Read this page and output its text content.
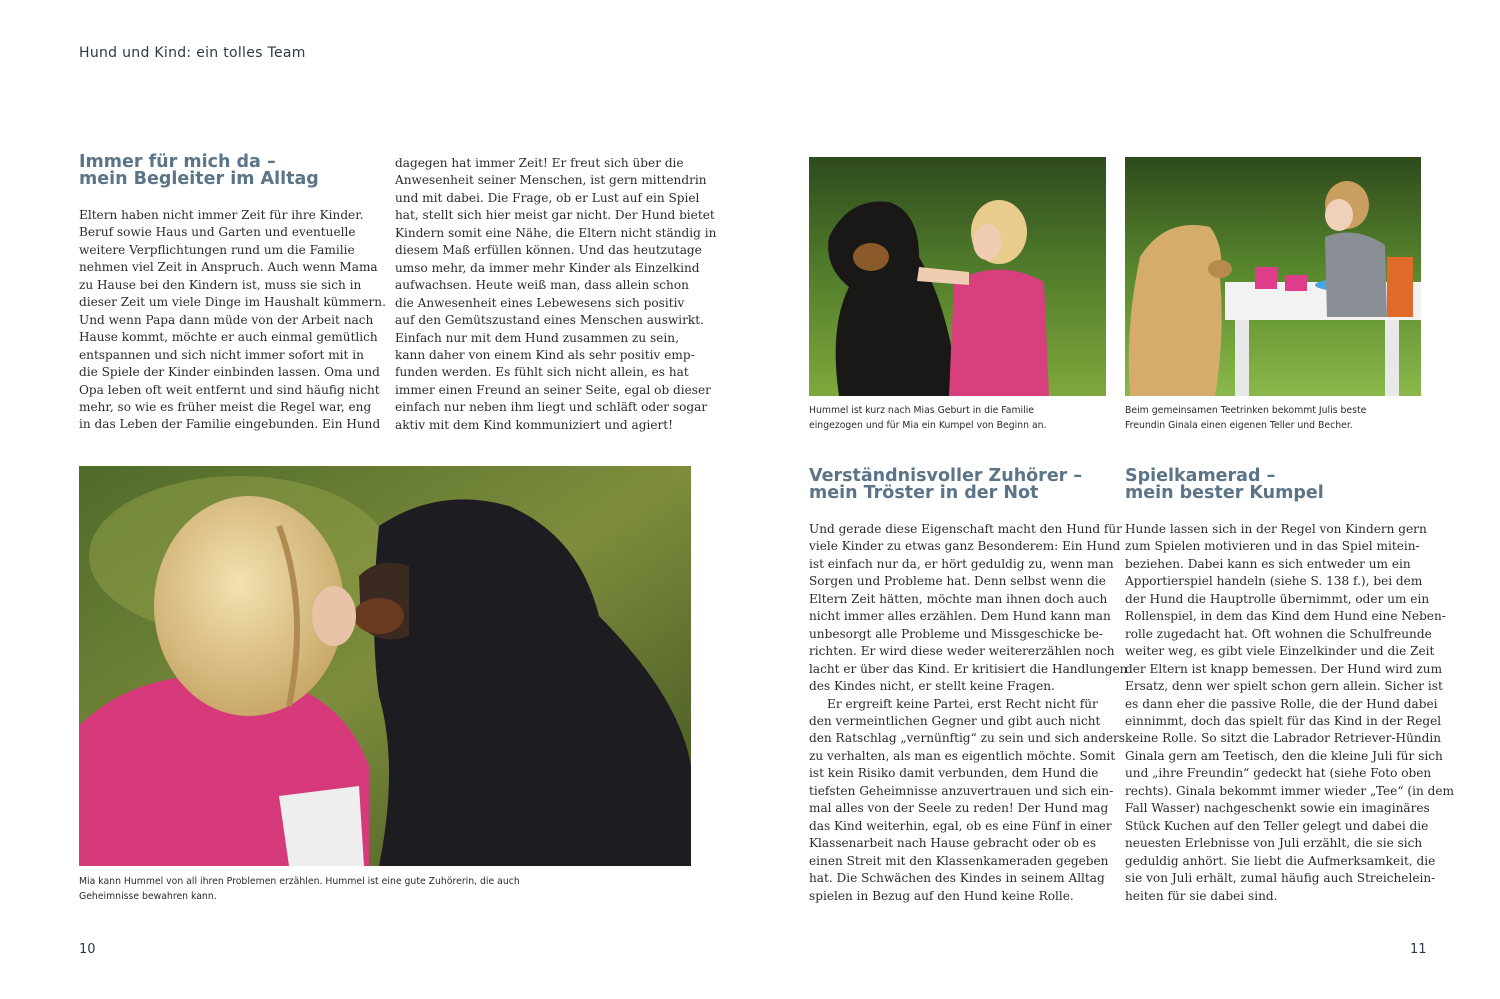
Hund und Kind: ein tolles Team
Immer für mich da –
mein Begleiter im Alltag
Eltern haben nicht immer Zeit für ihre Kinder.
Beruf sowie Haus und Garten und eventuelle
weitere Verpflichtungen rund um die Familie
nehmen viel Zeit in Anspruch. Auch wenn Mama
zu Hause bei den Kindern ist, muss sie sich in
dieser Zeit um viele Dinge im Haushalt kümmern.
Und wenn Papa dann müde von der Arbeit nach
Hause kommt, möchte er auch einmal gemütlich
entspannen und sich nicht immer sofort mit in
die Spiele der Kinder einbinden lassen. Oma und
Opa leben oft weit entfernt und sind häufig nicht
mehr, so wie es früher meist die Regel war, eng
in das Leben der Familie eingebunden. Ein Hund
dagegen hat immer Zeit! Er freut sich über die
Anwesenheit seiner Menschen, ist gern mittendrin
und mit dabei. Die Frage, ob er Lust auf ein Spiel
hat, stellt sich hier meist gar nicht. Der Hund bietet
Kindern somit eine Nähe, die Eltern nicht ständig in
diesem Maß erfüllen können. Und das heutzutage
umso mehr, da immer mehr Kinder als Einzelkind
aufwachsen. Heute weiß man, dass allein schon
die Anwesenheit eines Lebewesens sich positiv
auf den Gemütszustand eines Menschen auswirkt.
Einfach nur mit dem Hund zusammen zu sein,
kann daher von einem Kind als sehr positiv emp-
funden werden. Es fühlt sich nicht allein, es hat
immer einen Freund an seiner Seite, egal ob dieser
einfach nur neben ihm liegt und schläft oder sogar
aktiv mit dem Kind kommuniziert und agiert!
Mia kann Hummel von all ihren Problemen erzählen. Hummel ist eine gute Zuhörerin, die auch
Geheimnisse bewahren kann.
10
Hummel ist kurz nach Mias Geburt in die Familie
eingezogen und für Mia ein Kumpel von Beginn an.
Beim gemeinsamen Teetrinken bekommt Julis beste
Freundin Ginala einen eigenen Teller und Becher.
Verständnisvoller Zuhörer –
mein Tröster in der Not
Und gerade diese Eigenschaft macht den Hund für
viele Kinder zu etwas ganz Besonderem: Ein Hund
ist einfach nur da, er hört geduldig zu, wenn man
Sorgen und Probleme hat. Denn selbst wenn die
Eltern Zeit hätten, möchte man ihnen doch auch
nicht immer alles erzählen. Dem Hund kann man
unbesorgt alle Probleme und Missgeschicke be-
richten. Er wird diese weder weitererzählen noch
lacht er über das Kind. Er kritisiert die Handlungen
des Kindes nicht, er stellt keine Fragen.
Er ergreift keine Partei, erst Recht nicht für
den vermeintlichen Gegner und gibt auch nicht
den Ratschlag „vernünftig“ zu sein und sich anders
zu verhalten, als man es eigentlich möchte. Somit
ist kein Risiko damit verbunden, dem Hund die
tiefsten Geheimnisse anzuvertrauen und sich ein-
mal alles von der Seele zu reden! Der Hund mag
das Kind weiterhin, egal, ob es eine Fünf in einer
Klassenarbeit nach Hause gebracht oder ob es
einen Streit mit den Klassenkameraden gegeben
hat. Die Schwächen des Kindes in seinem Alltag
spielen in Bezug auf den Hund keine Rolle.
Spielkamerad –
mein bester Kumpel
Hunde lassen sich in der Regel von Kindern gern
zum Spielen motivieren und in das Spiel mitein-
beziehen. Dabei kann es sich entweder um ein
Apportierspiel handeln (siehe S. 138 f.), bei dem
der Hund die Hauptrolle übernimmt, oder um ein
Rollenspiel, in dem das Kind dem Hund eine Neben-
rolle zugedacht hat. Oft wohnen die Schulfreunde
weiter weg, es gibt viele Einzelkinder und die Zeit
der Eltern ist knapp bemessen. Der Hund wird zum
Ersatz, denn wer spielt schon gern allein. Sicher ist
es dann eher die passive Rolle, die der Hund dabei
einnimmt, doch das spielt für das Kind in der Regel
keine Rolle. So sitzt die Labrador Retriever-Hündin
Ginala gern am Teetisch, den die kleine Juli für sich
und „ihre Freundin“ gedeckt hat (siehe Foto oben
rechts). Ginala bekommt immer wieder „Tee“ (in dem
Fall Wasser) nachgeschenkt sowie ein imaginäres
Stück Kuchen auf den Teller gelegt und dabei die
neuesten Erlebnisse von Juli erzählt, die sie sich
geduldig anhört. Sie liebt die Aufmerksamkeit, die
sie von Juli erhält, zumal häufig auch Streichelein-
heiten für sie dabei sind.
11
